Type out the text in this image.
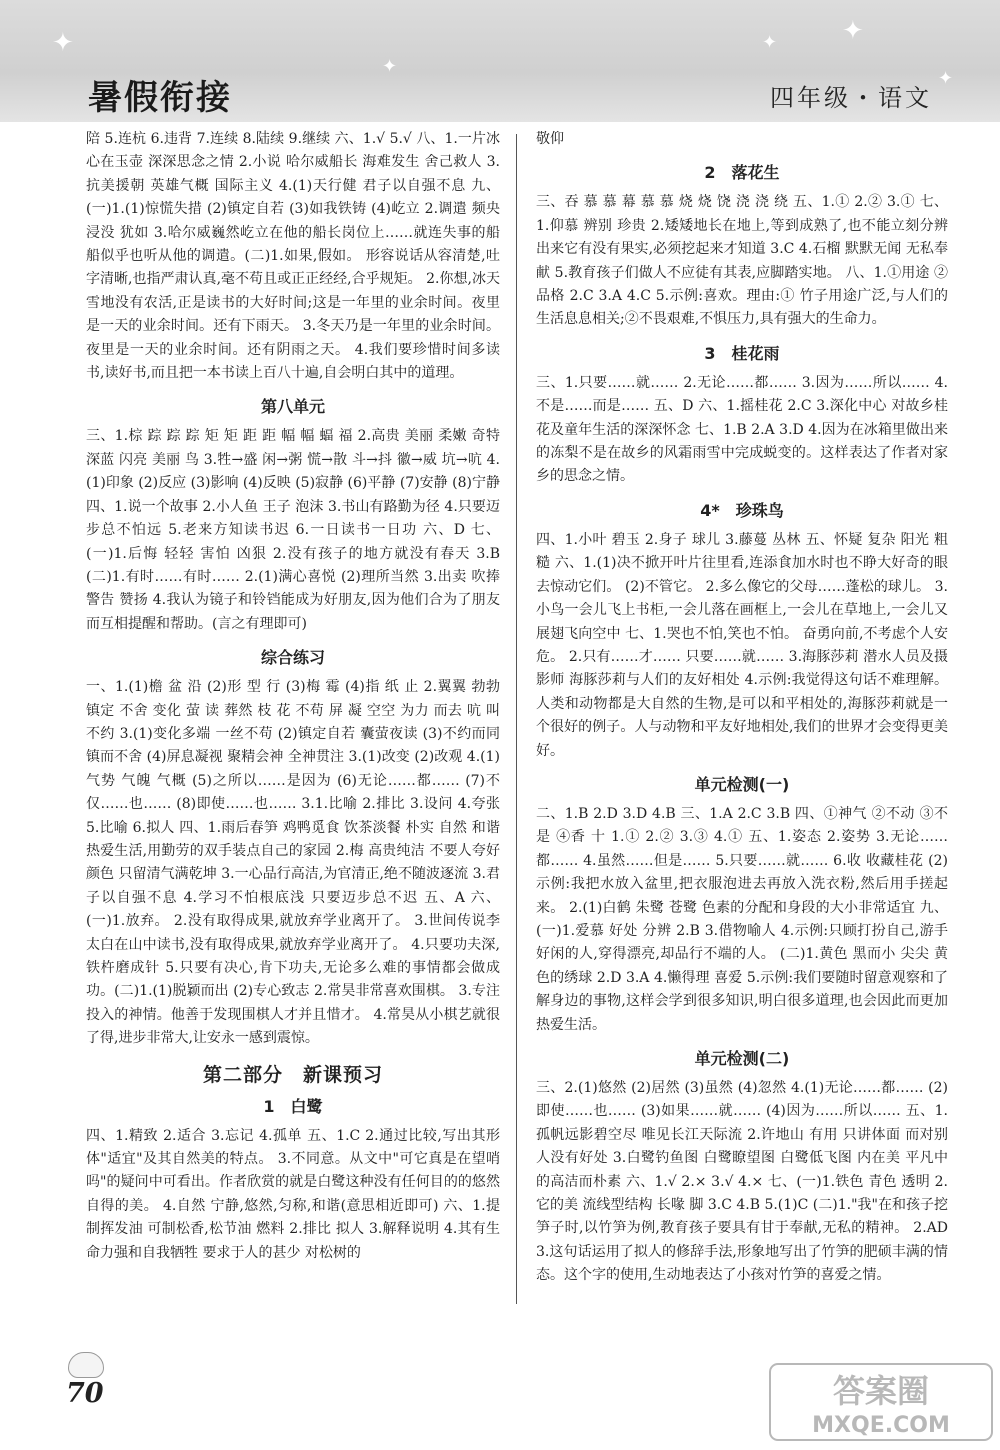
✦
✦
✦
✦
✦
暑假衔接	四年级・语文

陪 5.连杭 6.违背 7.连续 8.陆续 9.继续 六、1.√ 5.√ 八、1.一片冰心在玉壶 深深思念之情 2.小说 哈尔威船长 海难发生 舍己救人 3.抗美援朝 英雄气概 国际主义 4.(1)天行健 君子以自强不息 九、(一)1.(1)惊慌失措 (2)镇定自若 (3)如我铁铸 (4)屹立 2.调遣 频央 浸没 犹如 3.哈尔威巍然屹立在他的船长岗位上……就连失事的船船似乎也听从他的调遣。(二)1.如果,假如。 形容说话从容清楚,吐字清晰,也指严肃认真,毫不苟且或正正经经,合乎规矩。 2.你想,冰天雪地没有农活,正是读书的大好时间;这是一年里的业余时间。夜里是一天的业余时间。还有下雨天。 3.冬天乃是一年里的业余时间。夜里是一天的业余时间。还有阴雨之天。 4.我们要珍惜时间多读书,读好书,而且把一本书读上百八十遍,自会明白其中的道理。

第八单元

三、1.棕 踪 踪 踪 矩 矩 距 距 幅 幅 蝠 福 2.高贵 美丽 柔嫩 奇特 深蓝 闪亮 美丽 鸟 3.牲→盛 闲→粥 慌→散 斗→抖 徽→威 坑→吭 4.(1)印象 (2)反应 (3)影响 (4)反映 (5)寂静 (6)平静 (7)安静 (8)宁静 四、1.说一个故事 2.小人鱼 王子 泡沫 3.书山有路勤为径 4.只要迈步总不怕远 5.老来方知读书迟 6.一日读书一日功 六、D 七、(一)1.后悔 轻轻 害怕 凶狠 2.没有孩子的地方就没有春天 3.B (二)1.有时……有时…… 2.(1)满心喜悦 (2)理所当然 3.出卖 吹捧 警告 赞扬 4.我认为镜子和铃铛能成为好朋友,因为他们合为了朋友而互相提醒和帮助。(言之有理即可)

综合练习

一、1.(1)檐 盆 沿 (2)形 型 行 (3)梅 霉 (4)指 纸 止 2.翼翼 勃勃 镇定 不舍 变化 萤 读 葬然 枝 花 不苟 屏 凝 空空 为力 而去 吭 叫 不约 3.(1)变化多端 一丝不苟 (2)镇定自若 囊萤夜读 (3)不约而同 镇而不舍 (4)屏息凝视 聚精会神 全神贯注 3.(1)改变 (2)改观 4.(1)气势 气魄 气概 (5)之所以……是因为 (6)无论……都…… (7)不仅……也…… (8)即使……也…… 3.1.比喻 2.排比 3.设问 4.夸张 5.比喻 6.拟人 四、1.雨后春笋 鸡鸭觅食 饮茶淡餐 朴实 自然 和谐 热爱生活,用勤劳的双手装点自己的家园 2.梅 高贵纯洁 不要人夸好颜色 只留清气满乾坤 3.一心品行高洁,为官清正,绝不随波逐流 3.君子以自强不息 4.学习不怕根底浅 只要迈步总不迟 五、A 六、(一)1.放弃。 2.没有取得成果,就放弃学业离开了。 3.世间传说李太白在山中读书,没有取得成果,就放弃学业离开了。 4.只要功夫深,铁杵磨成针 5.只要有决心,肯下功夫,无论多么难的事情都会做成功。(二)1.(1)脱颖而出 (2)专心致志 2.常昊非常喜欢围棋。 3.专注投入的神情。他善于发现围棋人才并且惜才。 4.常昊从小棋艺就很了得,进步非常大,让安永一感到震惊。

第二部分　新课预习
1　白鹭

四、1.精致 2.适合 3.忘记 4.孤单 五、1.C 2.通过比较,写出其形体"适宜"及其自然美的特点。 3.不同意。从文中"可它真是在望哨吗"的疑问中可看出。作者欣赏的就是白鹭这种没有任何目的的悠然自得的美。 4.自然 宁静,悠然,匀称,和谐(意思相近即可) 六、1.提制挥发油 可制松香,松节油 燃料 2.排比 拟人 3.解释说明 4.其有生命力强和自我牺牲 要求于人的甚少 对松树的

敬仰

2　落花生

三、吞 慕 慕 幕 慕 慕 烧 烧 饶 浇 浇 绕 五、1.① 2.② 3.① 七、1.仰慕 辨别 珍贵 2.矮矮地长在地上,等到成熟了,也不能立刻分辨出来它有没有果实,必须挖起来才知道 3.C 4.石榴 默默无闻 无私奉献 5.教育孩子们做人不应徒有其表,应脚踏实地。 八、1.①用途 ②品格 2.C 3.A 4.C 5.示例:喜欢。理由:① 竹子用途广泛,与人们的生活息息相关;②不畏艰难,不惧压力,具有强大的生命力。

3　桂花雨

三、1.只要……就…… 2.无论……都…… 3.因为……所以…… 4.不是……而是…… 五、D 六、1.摇桂花 2.C 3.深化中心 对故乡桂花及童年生活的深深怀念 七、1.B 2.A 3.D 4.因为在冰箱里做出来的冻梨不是在故乡的风霜雨雪中完成蜕变的。这样表达了作者对家乡的思念之情。

4*　珍珠鸟

四、1.小叶 碧玉 2.身子 球儿 3.藤蔓 丛林 五、怀疑 复杂 阳光 粗糙 六、1.(1)决不掀开叶片往里看,连添食加水时也不睁大好奇的眼去惊动它们。 (2)不管它。 2.多么像它的父母……蓬松的球儿。 3.小鸟一会儿飞上书柜,一会儿落在画框上,一会儿在草地上,一会儿又展翅飞向空中 七、1.哭也不怕,笑也不怕。 奋勇向前,不考虑个人安危。 2.只有……才…… 只要……就…… 3.海豚莎莉 潜水人员及摄影师 海豚莎莉与人们的友好相处 4.示例:我觉得这句话不难理解。人类和动物都是大自然的生物,是可以和平相处的,海豚莎莉就是一个很好的例子。人与动物和平友好地相处,我们的世界才会变得更美好。

单元检测(一)

二、1.B 2.D 3.D 4.B 三、1.A 2.C 3.B 四、①神气 ②不动 ③不是 ④香 十 1.① 2.② 3.③ 4.① 五、1.姿态 2.姿势 3.无论……都…… 4.虽然……但是…… 5.只要……就…… 6.收 收藏桂花 (2)示例:我把水放入盆里,把衣服泡进去再放入洗衣粉,然后用手搓起来。 2.(1)白鹤 朱鹭 苍鹭 色素的分配和身段的大小非常适宜 九、(一)1.爱慕 好处 分辨 2.B 3.借物喻人 4.示例:只顾打扮自己,游手好闲的人,穿得漂亮,却品行不端的人。 (二)1.黄色 黑而小 尖尖 黄色的绣球 2.D 3.A 4.懒得理 喜爱 5.示例:我们要随时留意观察和了解身边的事物,这样会学到很多知识,明白很多道理,也会因此而更加热爱生活。

单元检测(二)

三、2.(1)悠然 (2)居然 (3)虽然 (4)忽然 4.(1)无论……都…… (2)即使……也…… (3)如果……就…… (4)因为……所以…… 五、1.孤帆远影碧空尽 唯见长江天际流 2.许地山 有用 只讲体面 而对别人没有好处 3.白鹭钓鱼图 白鹭瞭望图 白鹭低飞图 内在美 平凡中的高洁而朴素 六、1.√ 2.× 3.√ 4.× 七、(一)1.铁色 青色 透明 2.它的美 流线型结构 长喙 脚 3.C 4.B 5.(1)C (二)1."我"在和孩子挖笋子时,以竹笋为例,教育孩子要具有甘于奉献,无私的精神。 2.AD 3.这句话运用了拟人的修辞手法,形象地写出了竹笋的肥硕丰满的情态。这个字的使用,生动地表达了小孩对竹笋的喜爱之情。

70	答案圈
MXQE.COM
